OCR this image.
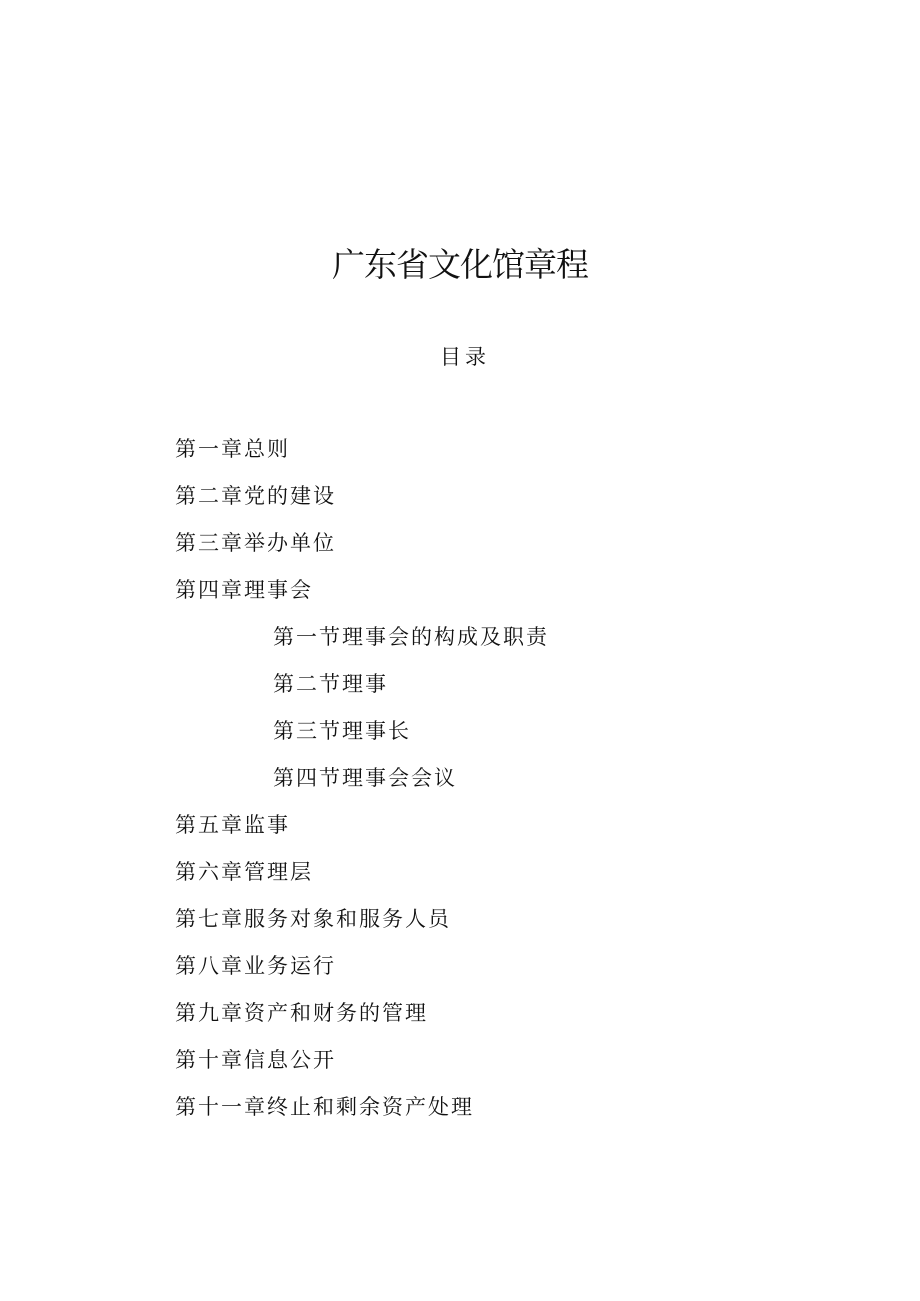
广东省文化馆章程
目录
第一章总则
第二章党的建设
第三章举办单位
第四章理事会
第一节理事会的构成及职责
第二节理事
第三节理事长
第四节理事会会议
第五章监事
第六章管理层
第七章服务对象和服务人员
第八章业务运行
第九章资产和财务的管理
第十章信息公开
第十一章终止和剩余资产处理
